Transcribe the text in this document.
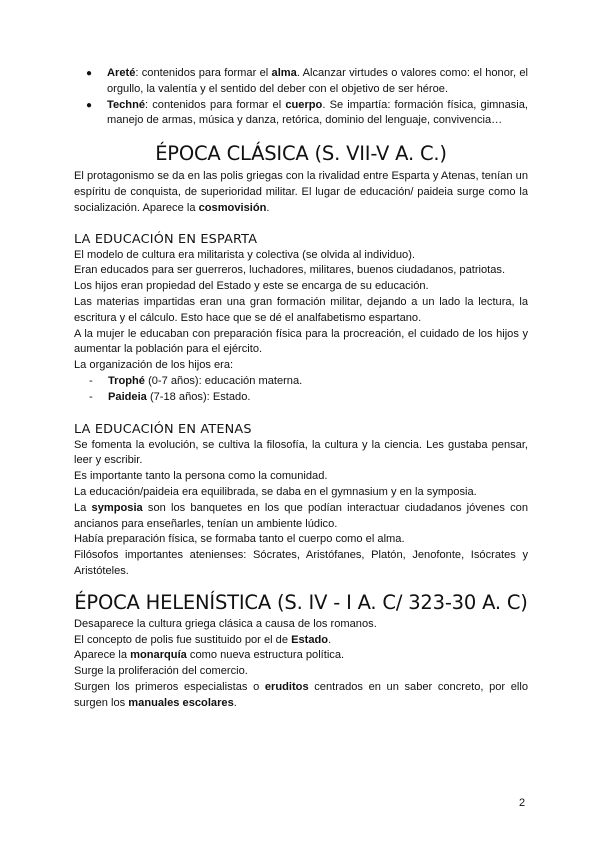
● Areté: contenidos para formar el alma. Alcanzar virtudes o valores como: el honor, el orgullo, la valentía y el sentido del deber con el objetivo de ser héroe.
● Techné: contenidos para formar el cuerpo. Se impartía: formación física, gimnasia, manejo de armas, música y danza, retórica, dominio del lenguaje, convivencia…
ÉPOCA CLÁSICA (S. VII-V A. C.)

El protagonismo se da en las polis griegas con la rivalidad entre Esparta y Atenas, tenían un espíritu de conquista, de superioridad militar. El lugar de educación/ paideia surge como la socialización. Aparece la cosmovisión.

LA EDUCACIÓN EN ESPARTA

El modelo de cultura era militarista y colectiva (se olvida al individuo).

Eran educados para ser guerreros, luchadores, militares, buenos ciudadanos, patriotas.

Los hijos eran propiedad del Estado y este se encarga de su educación.

Las materias impartidas eran una gran formación militar, dejando a un lado la lectura, la escritura y el cálculo. Esto hace que se dé el analfabetismo espartano.

A la mujer le educaban con preparación física para la procreación, el cuidado de los hijos y aumentar la población para el ejército.

La organización de los hijos era:

- Trophé (0-7 años): educación materna.
- Paideia (7-18 años): Estado.
LA EDUCACIÓN EN ATENAS

Se fomenta la evolución, se cultiva la filosofía, la cultura y la ciencia. Les gustaba pensar, leer y escribir.

Es importante tanto la persona como la comunidad.

La educación/paideia era equilibrada, se daba en el gymnasium y en la symposia.

La symposia son los banquetes en los que podían interactuar ciudadanos jóvenes con ancianos para enseñarles, tenían un ambiente lúdico.

Había preparación física, se formaba tanto el cuerpo como el alma.

Filósofos importantes atenienses: Sócrates, Aristófanes, Platón, Jenofonte, Isócrates y Aristóteles.

ÉPOCA HELENÍSTICA (S. IV - I A. C/ 323-30 A. C)

Desaparece la cultura griega clásica a causa de los romanos.

El concepto de polis fue sustituido por el de Estado.

Aparece la monarquía como nueva estructura política.

Surge la proliferación del comercio.

Surgen los primeros especialistas o eruditos centrados en un saber concreto, por ello surgen los manuales escolares.

2
